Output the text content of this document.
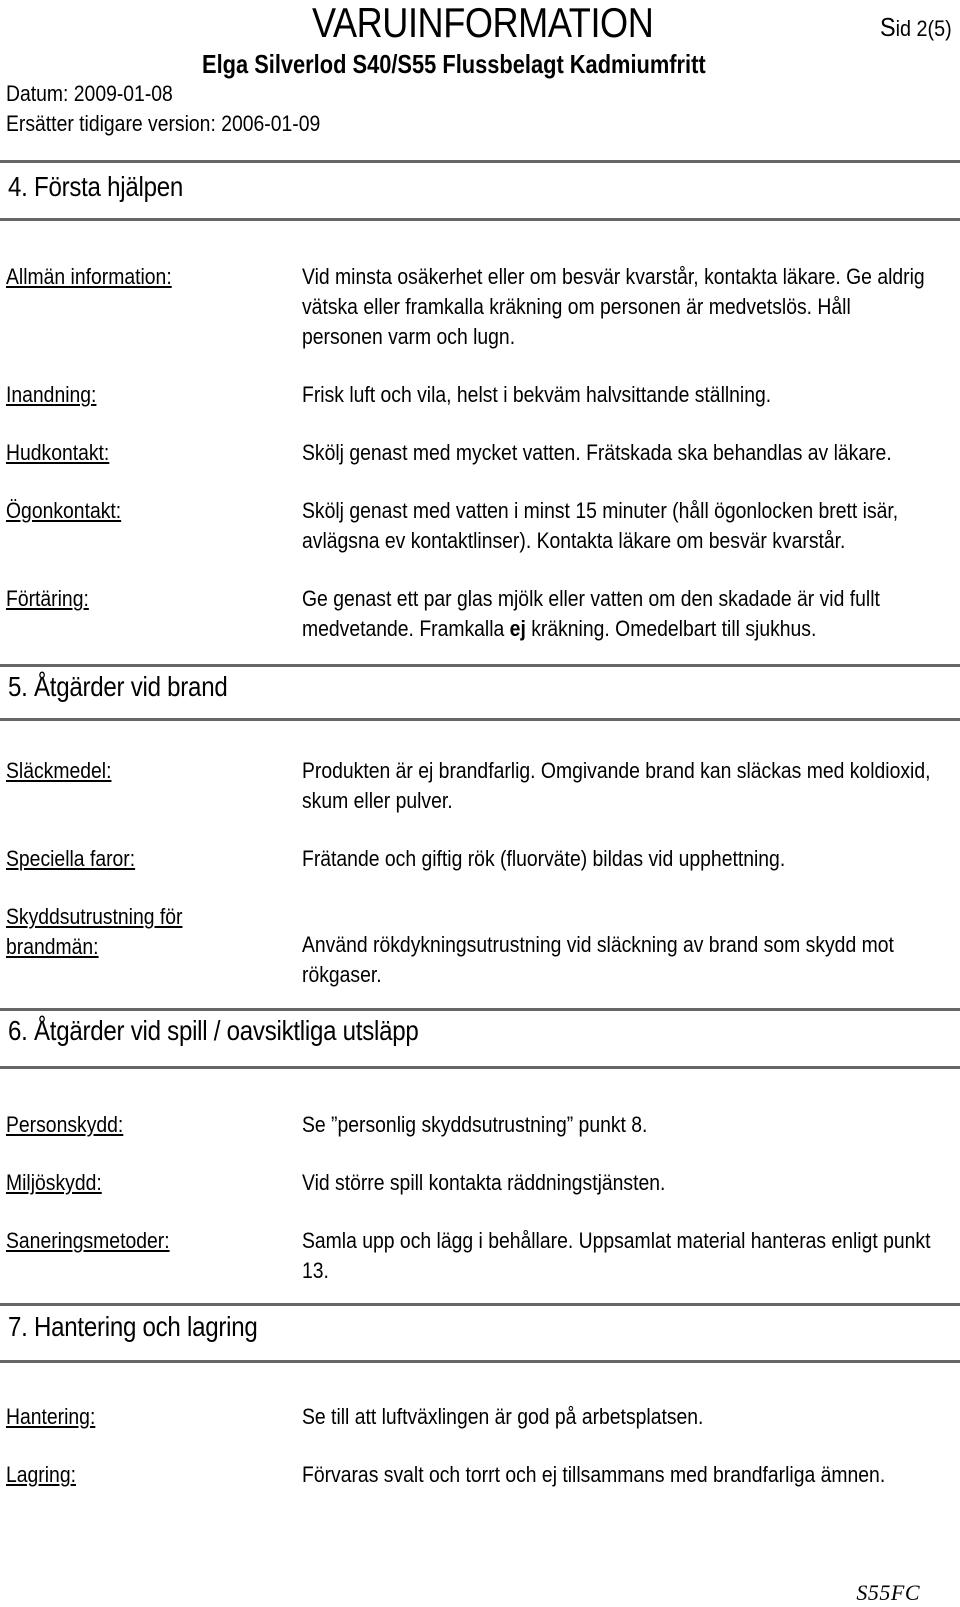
VARUINFORMATION	Sid 2(5)
Elga Silverlod S40/S55 Flussbelagt Kadmiumfritt
Datum: 2009-01-08
Ersätter tidigare version: 2006-01-09
4. Första hjälpen
Allmän information:	Vid minsta osäkerhet eller om besvär kvarstår, kontakta läkare. Ge aldrig vätska eller framkalla kräkning om personen är medvetslös. Håll personen varm och lugn.
Inandning:	Frisk luft och vila, helst i bekväm halvsittande ställning.
Hudkontakt:	Skölj genast med mycket vatten. Frätskada ska behandlas av läkare.
Ögonkontakt:	Skölj genast med vatten i minst 15 minuter (håll ögonlocken brett isär, avlägsna ev kontaktlinser). Kontakta läkare om besvär kvarstår.
Förtäring:	Ge genast ett par glas mjölk eller vatten om den skadade är vid fullt medvetande. Framkalla ej kräkning. Omedelbart till sjukhus.
5. Åtgärder vid brand
Släckmedel:	Produkten är ej brandfarlig. Omgivande brand kan släckas med koldioxid, skum eller pulver.
Speciella faror:	Frätande och giftig rök (fluorväte) bildas vid upphettning.
Skyddsutrustning för brandmän:	Använd rökdykningsutrustning vid släckning av brand som skydd mot rökgaser.
6. Åtgärder vid spill / oavsiktliga utsläpp
Personskydd:	Se ”personlig skyddsutrustning” punkt 8.
Miljöskydd:	Vid större spill kontakta räddningstjänsten.
Saneringsmetoder:	Samla upp och lägg i behållare. Uppsamlat material hanteras enligt punkt 13.
7. Hantering och lagring
Hantering:	Se till att luftväxlingen är god på arbetsplatsen.
Lagring:	Förvaras svalt och torrt och ej tillsammans med brandfarliga ämnen.
S55FC
